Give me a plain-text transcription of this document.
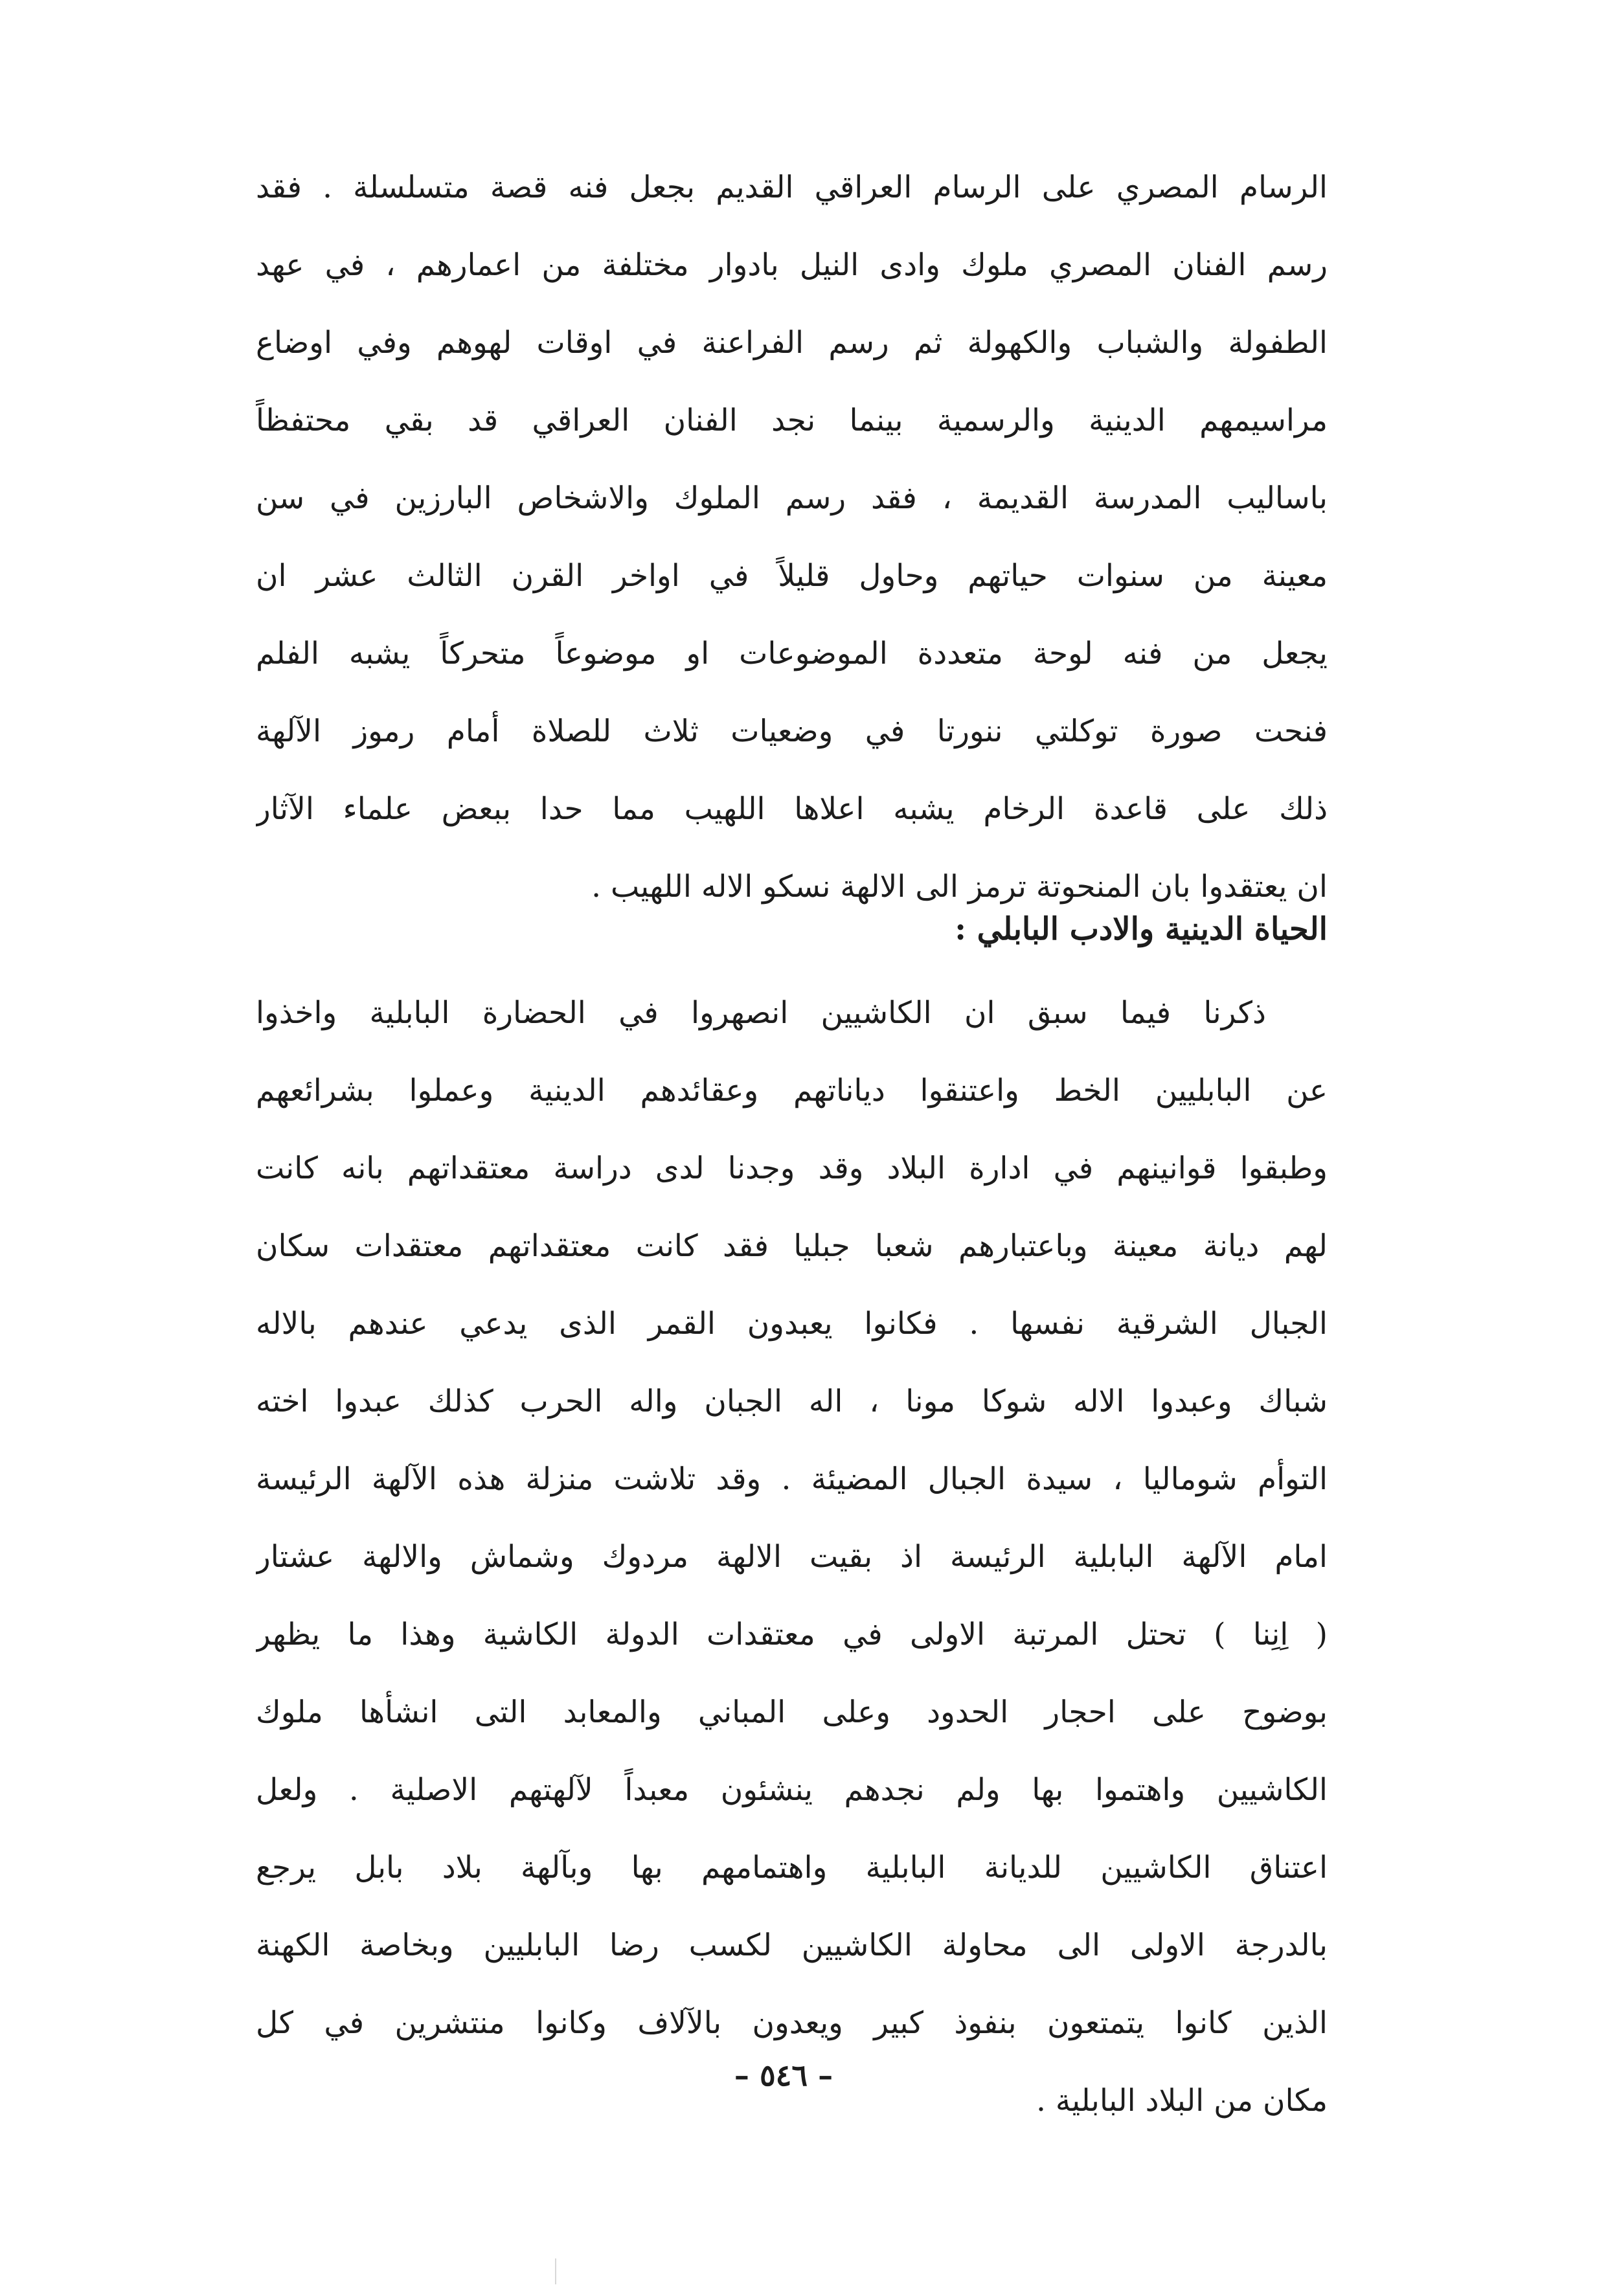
الرسام المصري على الرسام العراقي القديم بجعل فنه قصة متسلسلة . فقد
رسم الفنان المصري ملوك وادى النيل بادوار مختلفة من اعمارهم ، في عهد
الطفولة والشباب والكهولة ثم رسم الفراعنة في اوقات لهوهم وفي اوضاع
مراسيمهم الدينية والرسمية بينما نجد الفنان العراقي قد بقي محتفظاً
باساليب المدرسة القديمة ، فقد رسم الملوك والاشخاص البارزين في سن
معينة من سنوات حياتهم وحاول قليلاً في اواخر القرن الثالث عشر ان
يجعل من فنه لوحة متعددة الموضوعات او موضوعاً متحركاً يشبه الفلم
فنحت صورة توكلتي ننورتا في وضعيات ثلاث للصلاة أمام رموز الآلهة
ذلك على قاعدة الرخام يشبه اعلاها اللهيب مما حدا ببعض علماء الآثار
ان يعتقدوا بان المنحوتة ترمز الى الالهة نسكو الاله اللهيب .
الحياة الدينية والادب البابلي :
ذكرنا فيما سبق ان الكاشيين انصهروا في الحضارة البابلية واخذوا
عن البابليين الخط واعتنقوا دياناتهم وعقائدهم الدينية وعملوا بشرائعهم
وطبقوا قوانينهم في ادارة البلاد وقد وجدنا لدى دراسة معتقداتهم بانه كانت
لهم ديانة معينة وباعتبارهم شعبا جبليا فقد كانت معتقداتهم معتقدات سكان
الجبال الشرقية نفسها . فكانوا يعبدون القمر الذى يدعي عندهم بالاله
شباك وعبدوا الاله شوكا مونا ، اله الجبان واله الحرب كذلك عبدوا اخته
التوأم شوماليا ، سيدة الجبال المضيئة . وقد تلاشت منزلة هذه الآلهة الرئيسة
امام الآلهة البابلية الرئيسة اذ بقيت الالهة مردوك وشماش والالهة عشتار
( اِنِنا ) تحتل المرتبة الاولى في معتقدات الدولة الكاشية وهذا ما يظهر
بوضوح على احجار الحدود وعلى المباني والمعابد التى انشأها ملوك
الكاشيين واهتموا بها ولم نجدهم ينشئون معبداً لآلهتهم الاصلية . ولعل
اعتناق الكاشيين للديانة البابلية واهتمامهم بها وبآلهة بلاد بابل يرجع
بالدرجة الاولى الى محاولة الكاشيين لكسب رضا البابليين وبخاصة الكهنة
الذين كانوا يتمتعون بنفوذ كبير ويعدون بالآلاف وكانوا منتشرين في كل
مكان من البلاد البابلية .
– ٥٤٦ –
